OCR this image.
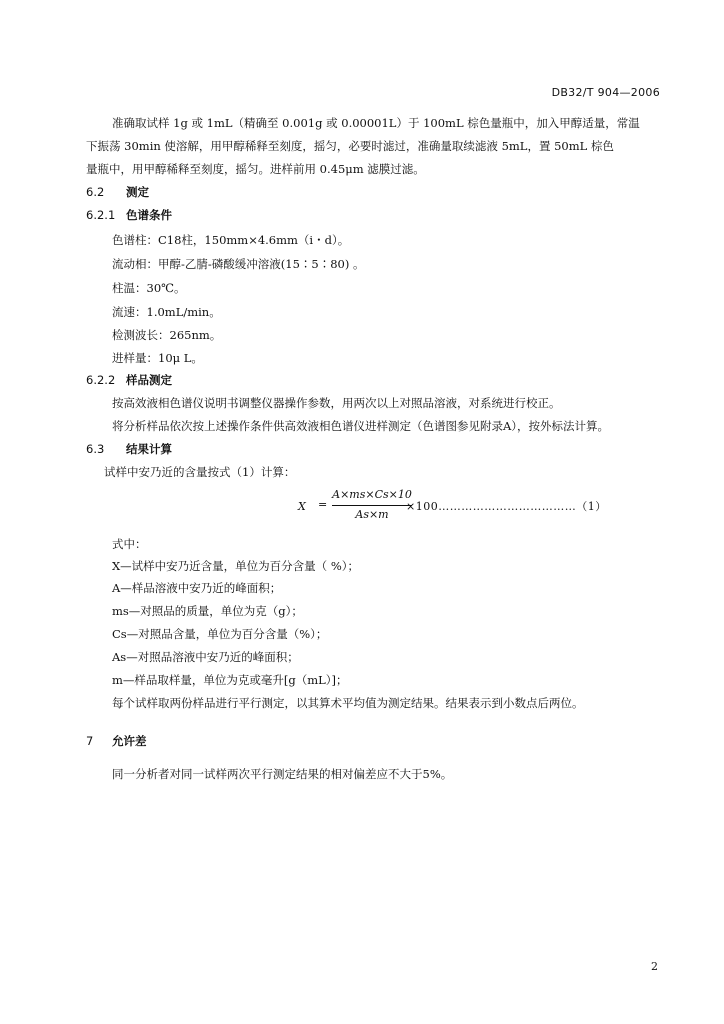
DB32/T 904—2006
准确取试样 1g 或 1mL（精确至 0.001g 或 0.00001L）于 100mL 棕色量瓶中，加入甲醇适量，常温
下振荡 30min 使溶解，用甲醇稀释至刻度，摇匀，必要时滤过，准确量取续滤液 5mL，置 50mL 棕色
量瓶中，用甲醇稀释至刻度，摇匀。进样前用 0.45μm 滤膜过滤。
6.2 测定
6.2.1 色谱条件
色谱柱：C18柱，150mm×4.6mm（i・d）。
流动相：甲醇-乙腈-磷酸缓冲溶液(15∶5∶80) 。
柱温：30℃。
流速：1.0mL/min。
检测波长：265nm。
进样量：10μ L。
6.2.2 样品测定
按高效液相色谱仪说明书调整仪器操作参数，用两次以上对照品溶液，对系统进行校正。
将分析样品依次按上述操作条件供高效液相色谱仪进样测定（色谱图参见附录A），按外标法计算。
6.3 结果计算
试样中安乃近的含量按式（1）计算：
X =
A×ms×Cs×10
As×m
×100………………………………（1）
式中：
X—试样中安乃近含量，单位为百分含量（ %）；
A—样品溶液中安乃近的峰面积；
ms—对照品的质量，单位为克（g）；
Cs—对照品含量，单位为百分含量（%）；
As—对照品溶液中安乃近的峰面积；
m—样品取样量，单位为克或毫升[g（mL）]；
每个试样取两份样品进行平行测定，以其算术平均值为测定结果。结果表示到小数点后两位。
7 允许差
同一分析者对同一试样两次平行测定结果的相对偏差应不大于5%。
2
